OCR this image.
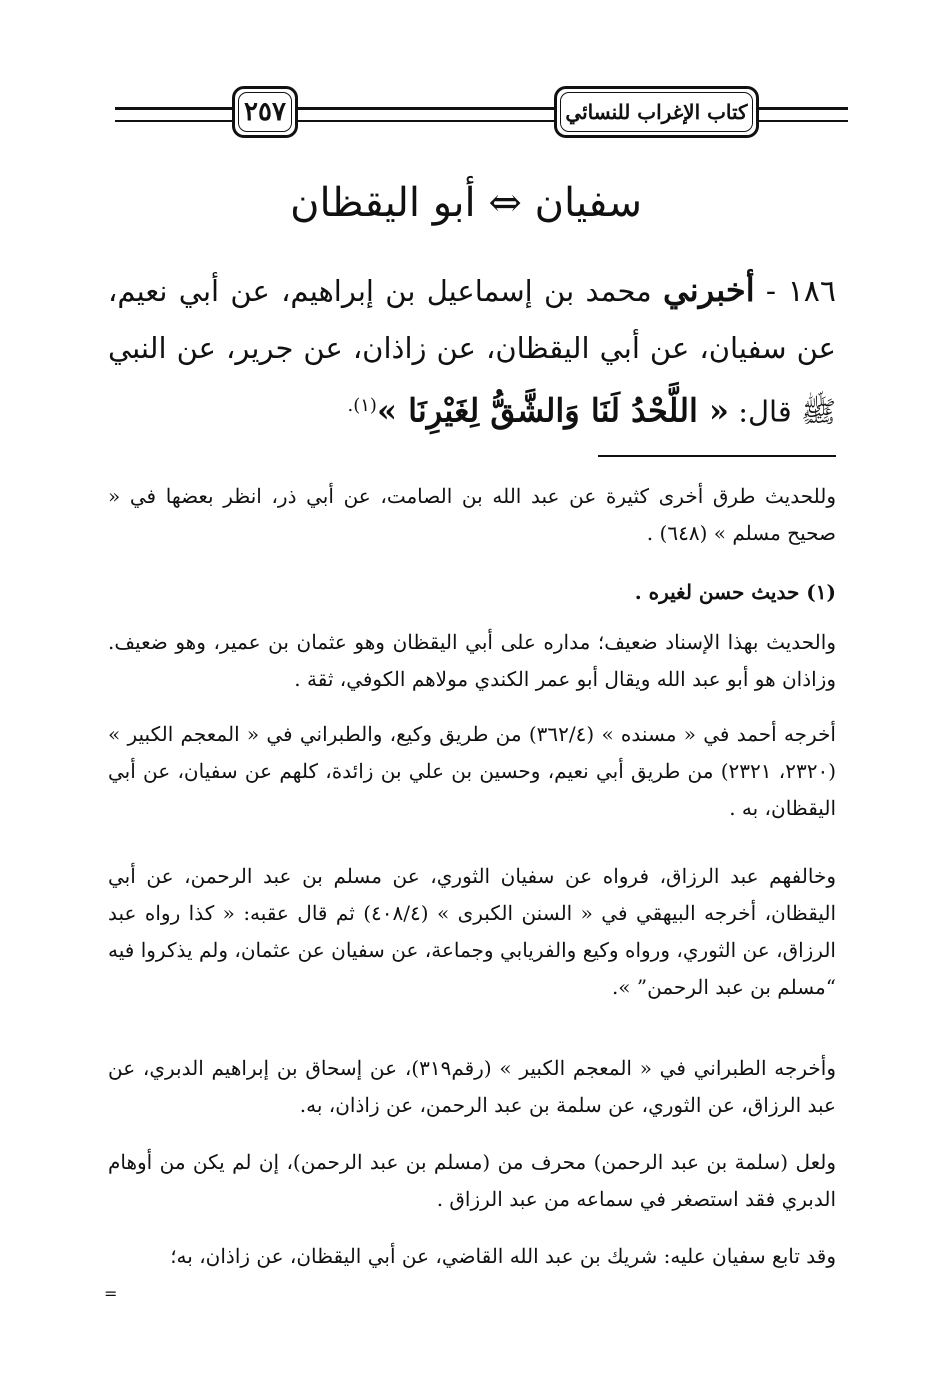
٢٥٧	كتاب الإغراب للنسائي
سفيان ⇔ أبو اليقظان
١٨٦ - أخبرني محمد بن إسماعيل بن إبراهيم، عن أبي نعيم، عن سفيان، عن أبي اليقظان، عن زاذان، عن جرير، عن النبي ﷺ قال: « اللَّحْدُ لَنَا وَالشَّقُّ لِغَيْرِنَا »$^{(١).}$

وللحديث طرق أخرى كثيرة عن عبد الله بن الصامت، عن أبي ذر، انظر بعضها في « صحيح مسلم » (٦٤٨) .

(١) حديث حسن لغيره .

والحديث بهذا الإسناد ضعيف؛ مداره على أبي اليقظان وهو عثمان بن عمير، وهو ضعيف. وزاذان هو أبو عبد الله ويقال أبو عمر الكندي مولاهم الكوفي، ثقة .

أخرجه أحمد في « مسنده » (٣٦٢/٤) من طريق وكيع، والطبراني في « المعجم الكبير » (٢٣٢٠، ٢٣٢١) من طريق أبي نعيم، وحسين بن علي بن زائدة، كلهم عن سفيان، عن أبي اليقظان، به .

وخالفهم عبد الرزاق، فرواه عن سفيان الثوري، عن مسلم بن عبد الرحمن، عن أبي اليقظان، أخرجه البيهقي في « السنن الكبرى » (٤٠٨/٤) ثم قال عقبه: « كذا رواه عبد الرزاق، عن الثوري، ورواه وكيع والفريابي وجماعة، عن سفيان عن عثمان، ولم يذكروا فيه “مسلم بن عبد الرحمن” ».

وأخرجه الطبراني في « المعجم الكبير » (رقم٣١٩)، عن إسحاق بن إبراهيم الدبري، عن عبد الرزاق، عن الثوري، عن سلمة بن عبد الرحمن، عن زاذان، به.

ولعل (سلمة بن عبد الرحمن) محرف من (مسلم بن عبد الرحمن)، إن لم يكن من أوهام الدبري فقد استصغر في سماعه من عبد الرزاق .

وقد تابع سفيان عليه: شريك بن عبد الله القاضي، عن أبي اليقظان، عن زاذان، به؛

=
